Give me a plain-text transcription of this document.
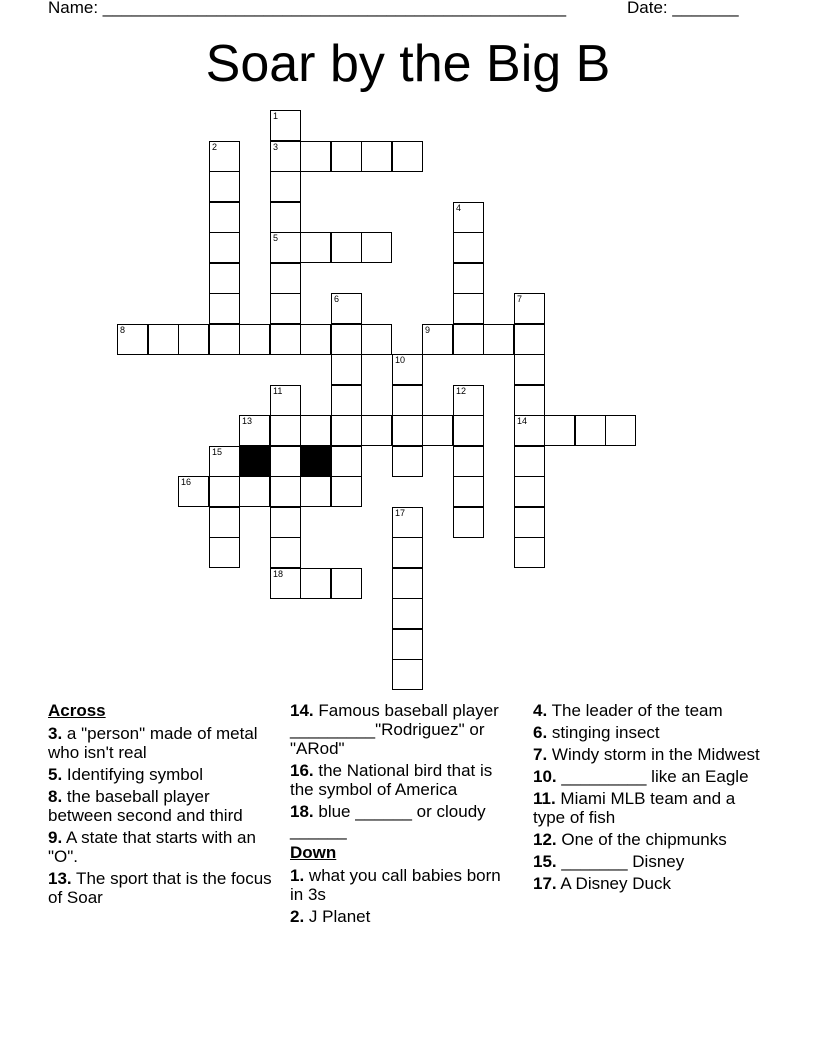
Name: _________________________________________________	Date: _______
Soar by the Big B
1
2	3
4
5
6	7
8	9
10
11	12
13	14
15
16
17
18
Across
3. a "person" made of metal who isn't real
5. Identifying symbol
8. the baseball player between second and third
9. A state that starts with an "O".
13. The sport that is the focus of Soar
14. Famous baseball player _________"Rodriguez" or "ARod"
16. the National bird that is the symbol of America
18. blue ______ or cloudy ______
Down
1. what you call babies born in 3s
2. J Planet
4. The leader of the team
6. stinging insect
7. Windy storm in the Midwest
10. _________ like an Eagle
11. Miami MLB team and a type of fish
12. One of the chipmunks
15. _______ Disney
17. A Disney Duck
